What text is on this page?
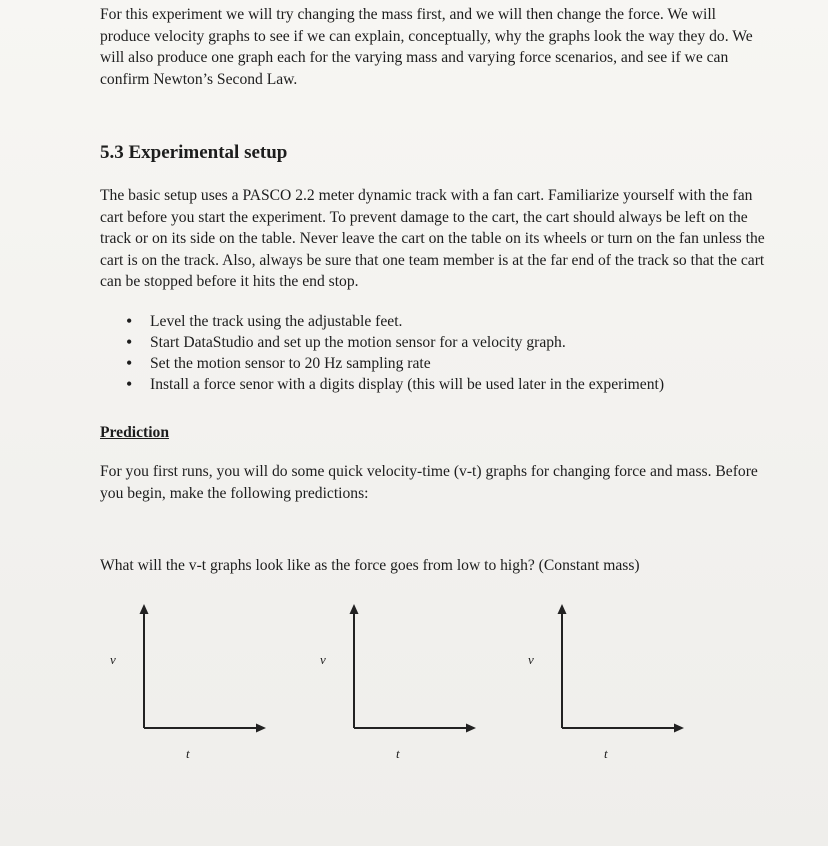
For this experiment we will try changing the mass first, and we will then change the force. We will produce velocity graphs to see if we can explain, conceptually, why the graphs look the way they do. We will also produce one graph each for the varying mass and varying force scenarios, and see if we can confirm Newton’s Second Law.

5.3 Experimental setup

The basic setup uses a PASCO 2.2 meter dynamic track with a fan cart. Familiarize yourself with the fan cart before you start the experiment. To prevent damage to the cart, the cart should always be left on the track or on its side on the table. Never leave the cart on the table on its wheels or turn on the fan unless the cart is on the track. Also, always be sure that one team member is at the far end of the track so that the cart can be stopped before it hits the end stop.

• Level the track using the adjustable feet.
• Start DataStudio and set up the motion sensor for a velocity graph.
• Set the motion sensor to 20 Hz sampling rate
• Install a force senor with a digits display (this will be used later in the experiment)

Prediction

For you first runs, you will do some quick velocity-time (v-t) graphs for changing force and mass. Before you begin, make the following predictions:

What will the v-t graphs look like as the force goes from low to high? (Constant mass)

v
t
v
t
v
t
